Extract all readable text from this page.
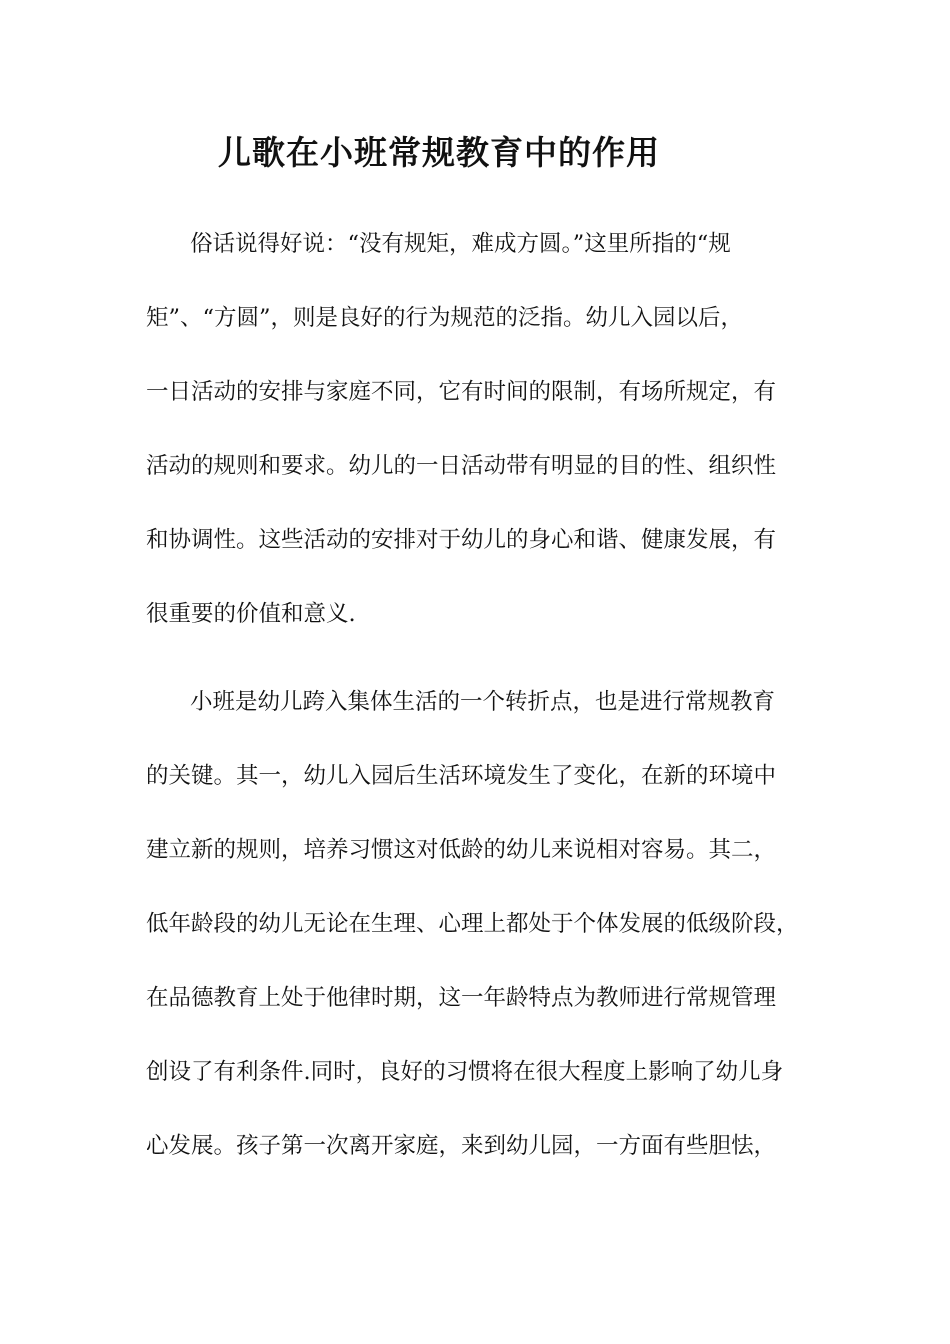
儿歌在小班常规教育中的作用
俗话说得好说：“没有规矩，难成方圆。”这里所指的“规
矩”、“方圆”，则是良好的行为规范的泛指。幼儿入园以后，
一日活动的安排与家庭不同，它有时间的限制，有场所规定，有
活动的规则和要求。幼儿的一日活动带有明显的目的性、组织性
和协调性。这些活动的安排对于幼儿的身心和谐、健康发展，有
很重要的价值和意义.
小班是幼儿跨入集体生活的一个转折点，也是进行常规教育
的关键。其一，幼儿入园后生活环境发生了变化，在新的环境中
建立新的规则，培养习惯这对低龄的幼儿来说相对容易。其二，
低年龄段的幼儿无论在生理、心理上都处于个体发展的低级阶段，
在品德教育上处于他律时期，这一年龄特点为教师进行常规管理
创设了有利条件.同时，良好的习惯将在很大程度上影响了幼儿身
心发展。孩子第一次离开家庭，来到幼儿园，一方面有些胆怯，
